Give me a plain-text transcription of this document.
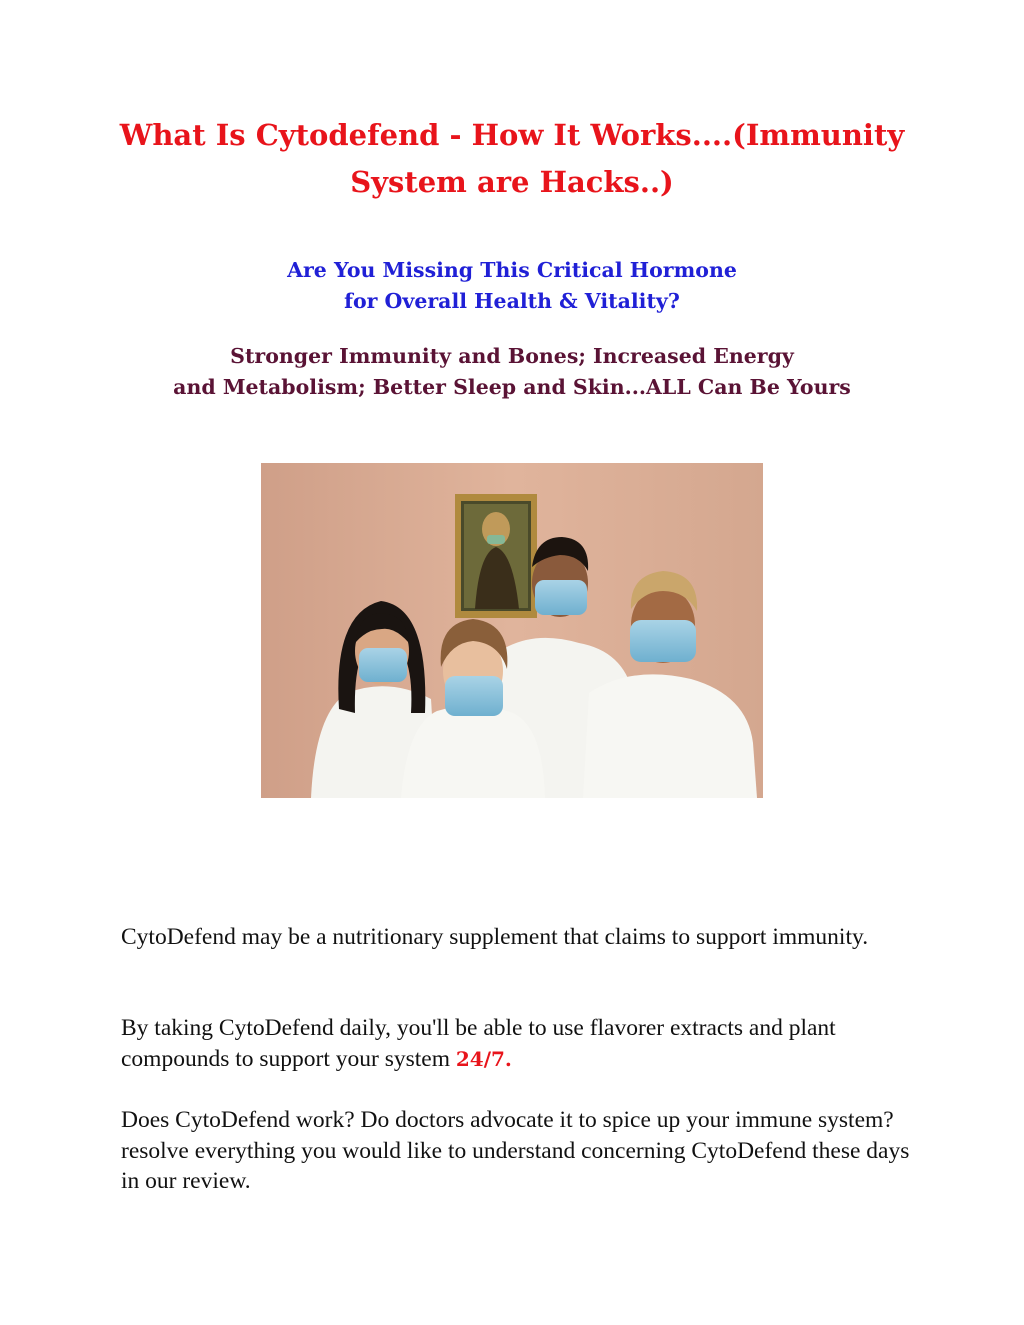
What Is Cytodefend - How It Works....(Immunity
System are Hacks..)

Are You Missing This Critical Hormone
for Overall Health & Vitality?

Stronger Immunity and Bones; Increased Energy
and Metabolism; Better Sleep and Skin...ALL Can Be Yours

CytoDefend may be a nutritionary supplement that claims to support immunity.

By taking CytoDefend daily, you'll be able to use flavorer extracts and plant compounds to support your system 24/7.

Does CytoDefend work? Do doctors advocate it to spice up your immune system? resolve everything you would like to understand concerning CytoDefend these days in our review.
